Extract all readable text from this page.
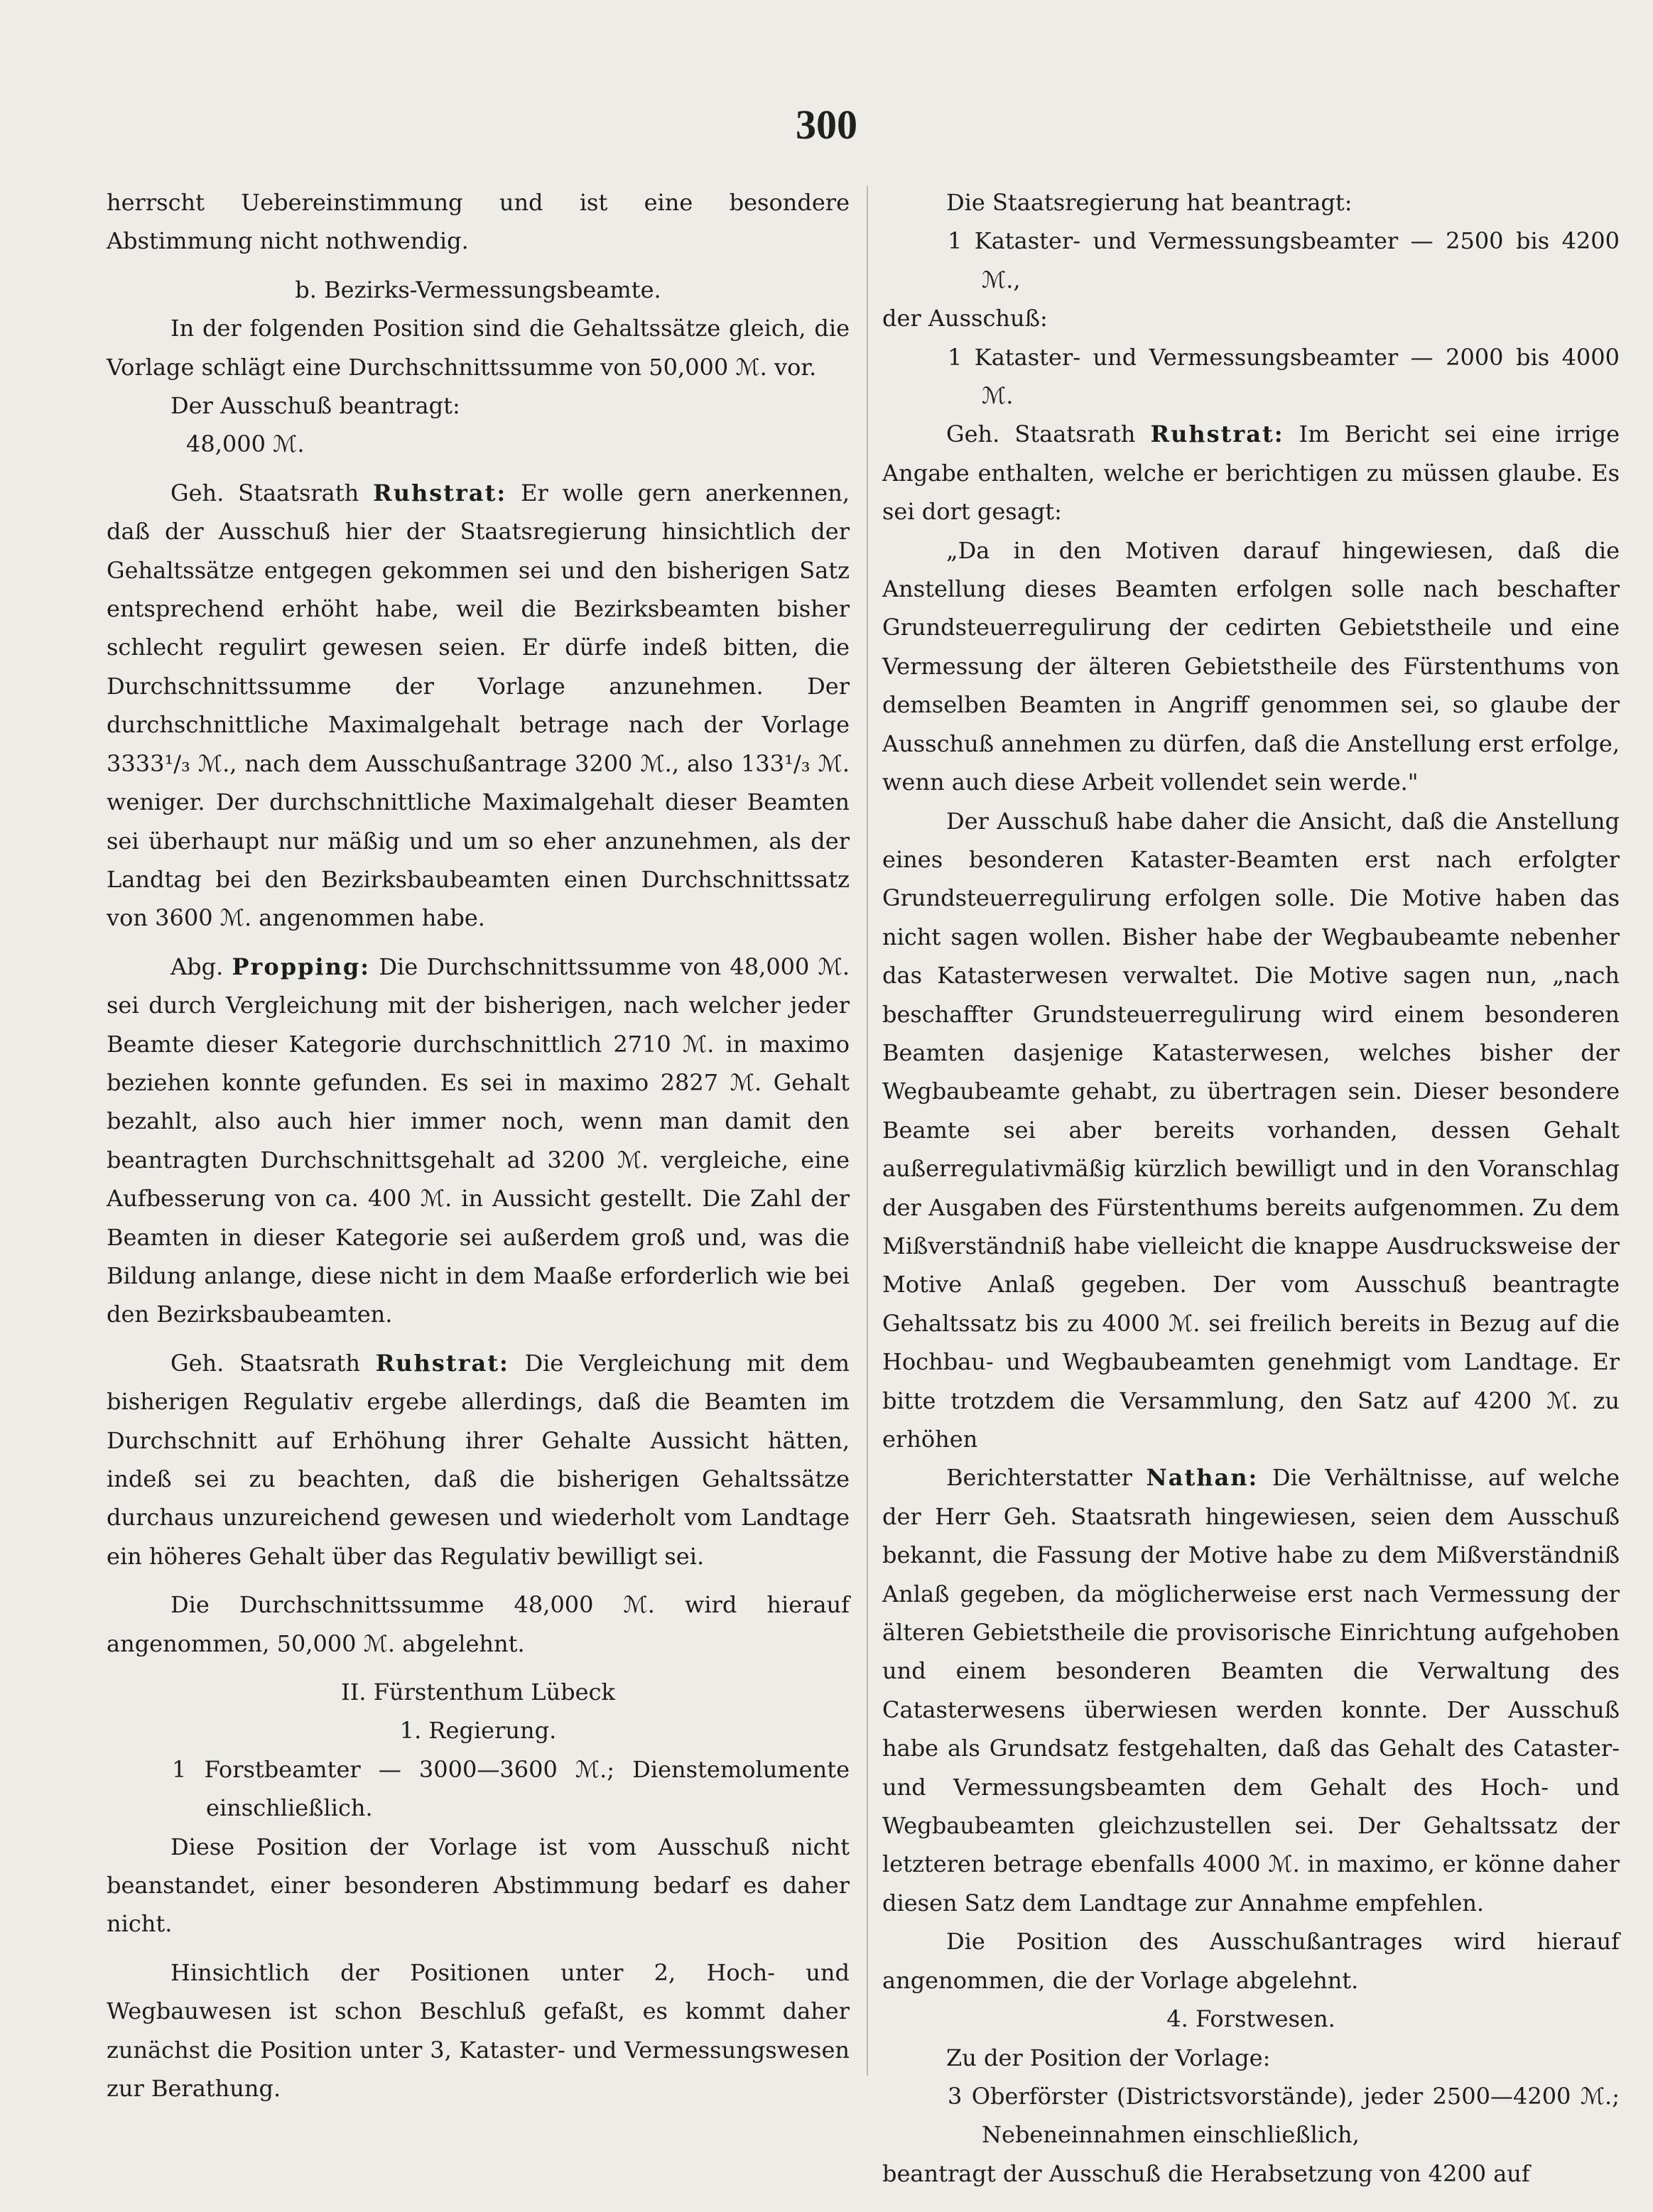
300

herrscht Uebereinstimmung und ist eine besondere Abstimmung nicht nothwendig.

b. Bezirks-Vermessungsbeamte.

In der folgenden Position sind die Gehaltssätze gleich, die Vorlage schlägt eine Durchschnittssumme von 50,000 ℳ. vor.

Der Ausschuß beantragt:

48,000 ℳ.

Geh. Staatsrath Ruhstrat: Er wolle gern anerkennen, daß der Ausschuß hier der Staatsregierung hinsichtlich der Gehaltssätze entgegen gekommen sei und den bisherigen Satz entsprechend erhöht habe, weil die Bezirksbeamten bisher schlecht regulirt gewesen seien. Er dürfe indeß bitten, die Durchschnittssumme der Vorlage anzunehmen. Der durchschnittliche Maximalgehalt betrage nach der Vorlage 3333¹/₃ ℳ., nach dem Ausschußantrage 3200 ℳ., also 133¹/₃ ℳ. weniger. Der durchschnittliche Maximalgehalt dieser Beamten sei überhaupt nur mäßig und um so eher anzunehmen, als der Landtag bei den Bezirksbaubeamten einen Durchschnittssatz von 3600 ℳ. angenommen habe.

Abg. Propping: Die Durchschnittssumme von 48,000 ℳ. sei durch Vergleichung mit der bisherigen, nach welcher jeder Beamte dieser Kategorie durchschnittlich 2710 ℳ. in maximo beziehen konnte gefunden. Es sei in maximo 2827 ℳ. Gehalt bezahlt, also auch hier immer noch, wenn man damit den beantragten Durchschnittsgehalt ad 3200 ℳ. vergleiche, eine Aufbesserung von ca. 400 ℳ. in Aussicht gestellt. Die Zahl der Beamten in dieser Kategorie sei außerdem groß und, was die Bildung anlange, diese nicht in dem Maaße erforderlich wie bei den Bezirksbaubeamten.

Geh. Staatsrath Ruhstrat: Die Vergleichung mit dem bisherigen Regulativ ergebe allerdings, daß die Beamten im Durchschnitt auf Erhöhung ihrer Gehalte Aussicht hätten, indeß sei zu beachten, daß die bisherigen Gehaltssätze durchaus unzureichend gewesen und wiederholt vom Landtage ein höheres Gehalt über das Regulativ bewilligt sei.

Die Durchschnittssumme 48,000 ℳ. wird hierauf angenommen, 50,000 ℳ. abgelehnt.

II. Fürstenthum Lübeck

1. Regierung.

1 Forstbeamter — 3000—3600 ℳ.; Dienstemolumente einschließlich.

Diese Position der Vorlage ist vom Ausschuß nicht beanstandet, einer besonderen Abstimmung bedarf es daher nicht.

Hinsichtlich der Positionen unter 2, Hoch- und Wegbauwesen ist schon Beschluß gefaßt, es kommt daher zunächst die Position unter 3, Kataster- und Vermessungswesen zur Berathung.

Die Staatsregierung hat beantragt:

1 Kataster- und Vermessungsbeamter — 2500 bis 4200 ℳ.,

der Ausschuß:

1 Kataster- und Vermessungsbeamter — 2000 bis 4000 ℳ.

Geh. Staatsrath Ruhstrat: Im Bericht sei eine irrige Angabe enthalten, welche er berichtigen zu müssen glaube. Es sei dort gesagt:

„Da in den Motiven darauf hingewiesen, daß die Anstellung dieses Beamten erfolgen solle nach beschafter Grundsteuerregulirung der cedirten Gebietstheile und eine Vermessung der älteren Gebietstheile des Fürstenthums von demselben Beamten in Angriff genommen sei, so glaube der Ausschuß annehmen zu dürfen, daß die Anstellung erst erfolge, wenn auch diese Arbeit vollendet sein werde."

Der Ausschuß habe daher die Ansicht, daß die Anstellung eines besonderen Kataster-Beamten erst nach erfolgter Grundsteuerregulirung erfolgen solle. Die Motive haben das nicht sagen wollen. Bisher habe der Wegbaubeamte nebenher das Katasterwesen verwaltet. Die Motive sagen nun, „nach beschaffter Grundsteuerregulirung wird einem besonderen Beamten dasjenige Katasterwesen, welches bisher der Wegbaubeamte gehabt, zu übertragen sein. Dieser besondere Beamte sei aber bereits vorhanden, dessen Gehalt außerregulativmäßig kürzlich bewilligt und in den Voranschlag der Ausgaben des Fürstenthums bereits aufgenommen. Zu dem Mißverständniß habe vielleicht die knappe Ausdrucksweise der Motive Anlaß gegeben. Der vom Ausschuß beantragte Gehaltssatz bis zu 4000 ℳ. sei freilich bereits in Bezug auf die Hochbau- und Wegbaubeamten genehmigt vom Landtage. Er bitte trotzdem die Versammlung, den Satz auf 4200 ℳ. zu erhöhen

Berichterstatter Nathan: Die Verhältnisse, auf welche der Herr Geh. Staatsrath hingewiesen, seien dem Ausschuß bekannt, die Fassung der Motive habe zu dem Mißverständniß Anlaß gegeben, da möglicherweise erst nach Vermessung der älteren Gebietstheile die provisorische Einrichtung aufgehoben und einem besonderen Beamten die Verwaltung des Catasterwesens überwiesen werden konnte. Der Ausschuß habe als Grundsatz festgehalten, daß das Gehalt des Cataster- und Vermessungsbeamten dem Gehalt des Hoch- und Wegbaubeamten gleichzustellen sei. Der Gehaltssatz der letzteren betrage ebenfalls 4000 ℳ. in maximo, er könne daher diesen Satz dem Landtage zur Annahme empfehlen.

Die Position des Ausschußantrages wird hierauf angenommen, die der Vorlage abgelehnt.

4. Forstwesen.

Zu der Position der Vorlage:

3 Oberförster (Districtsvorstände), jeder 2500—4200 ℳ.; Nebeneinnahmen einschließlich,

beantragt der Ausschuß die Herabsetzung von 4200 auf
